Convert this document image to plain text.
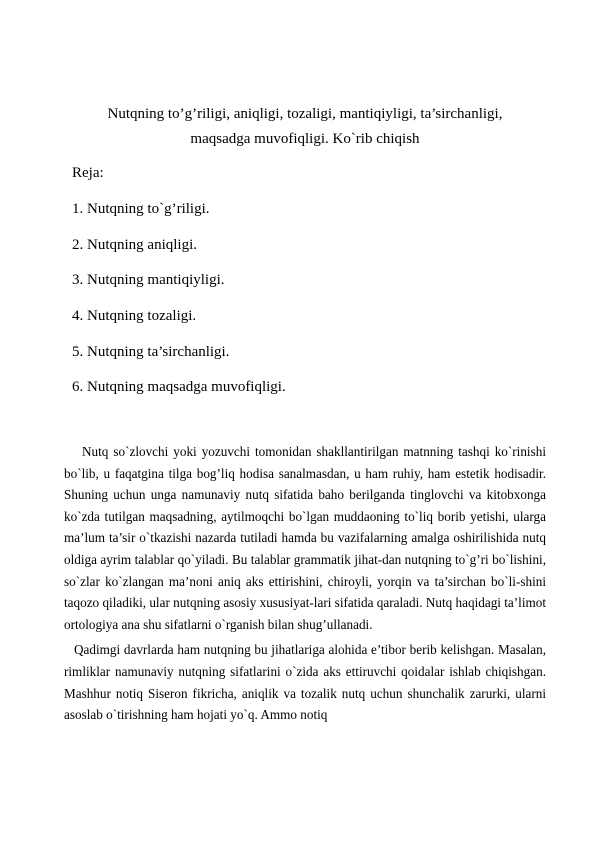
Nutqning to’g’riligi, aniqligi, tozaligi, mantiqiyligi, ta’sirchanligi,
maqsadga muvofiqligi. Ko`rib chiqish
Reja:
1. Nutqning to`g’riligi.
2. Nutqning aniqligi.
3. Nutqning mantiqiyligi.
4. Nutqning tozaligi.
5. Nutqning ta’sirchanligi.
6. Nutqning maqsadga muvofiqligi.

Nutq so`zlovchi yoki yozuvchi tomonidan shakllantirilgan matnning tashqi ko`rinishi bo`lib, u faqatgina tilga bog’liq hodisa sanalmasdan, u ham ruhiy, ham estetik hodisadir. Shuning uchun unga namunaviy nutq sifatida baho berilganda tinglovchi va kitobxonga ko`zda tutilgan maqsadning, aytilmoqchi bo`lgan muddaoning to`liq borib yetishi, ularga ma’lum ta’sir o`tkazishi nazarda tutiladi hamda bu vazifalarning amalga oshirilishida nutq oldiga ayrim talablar qo`yiladi. Bu talablar grammatik jihat-dan nutqning to`g’ri bo`lishini, so`zlar ko`zlangan ma’noni aniq aks ettirishini, chiroyli, yorqin va ta’sirchan bo`li-shini taqozo qiladiki, ular nutqning asosiy xususiyat-lari sifatida qaraladi. Nutq haqidagi ta’limot ortologiya ana shu sifatlarni o`rganish bilan shug’ullanadi.

Qadimgi davrlarda ham nutqning bu jihatlariga alohida e’tibor berib kelishgan. Masalan, rimliklar namunaviy nutqning sifatlarini o`zida aks ettiruvchi qoidalar ishlab chiqishgan. Mashhur notiq Siseron fikricha, aniqlik va tozalik nutq uchun shunchalik zarurki, ularni asoslab o`tirishning ham hojati yo`q. Ammo notiq
